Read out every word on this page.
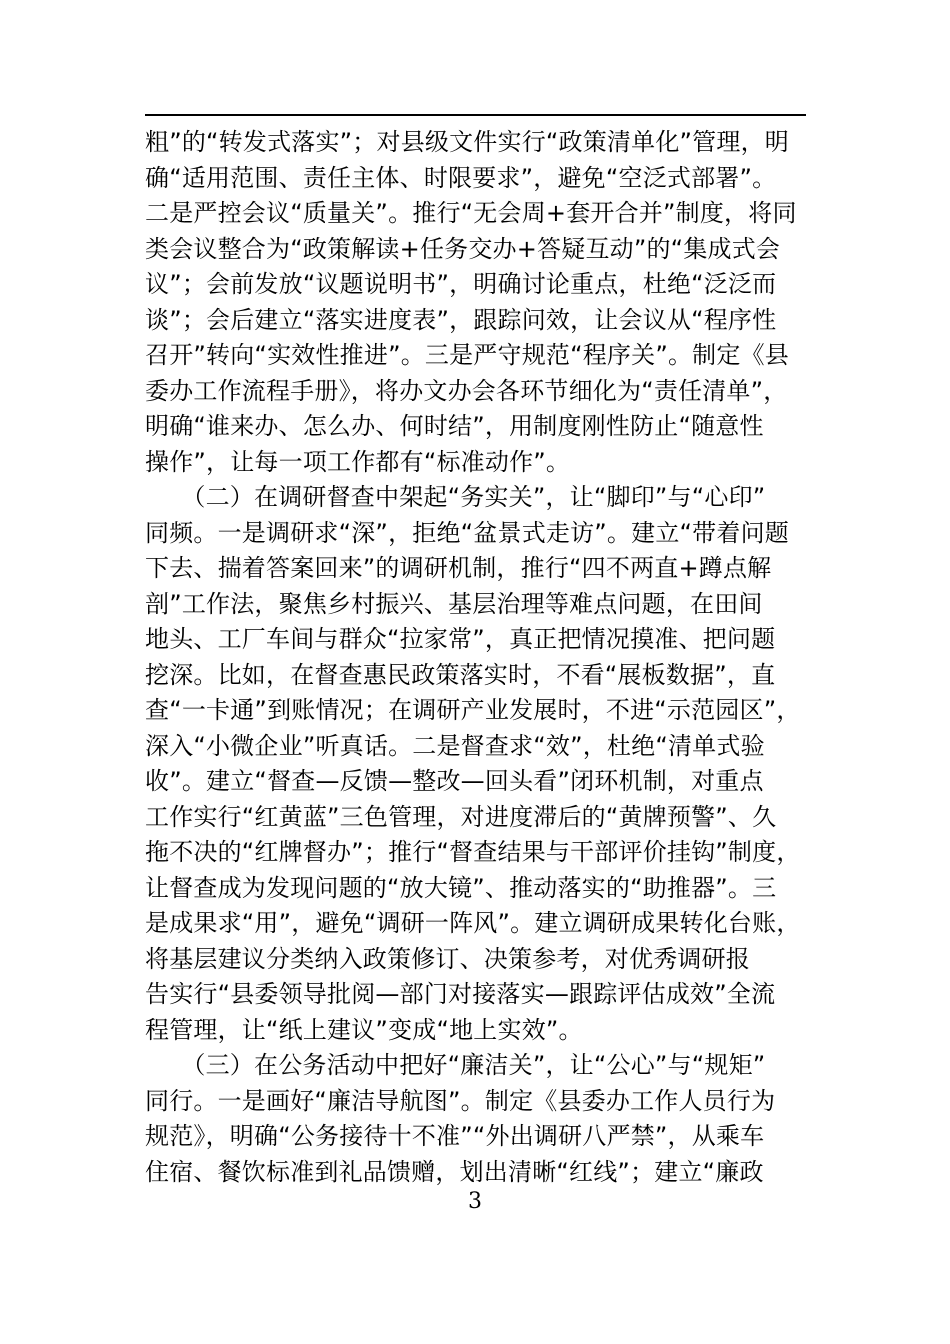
粗”的“转发式落实”；对县级文件实行“政策清单化”管理，明
确“适用范围、责任主体、时限要求”，避免“空泛式部署”。
二是严控会议“质量关”。推行“无会周+套开合并”制度，将同
类会议整合为“政策解读+任务交办+答疑互动”的“集成式会
议”；会前发放“议题说明书”，明确讨论重点，杜绝“泛泛而
谈”；会后建立“落实进度表”，跟踪问效，让会议从“程序性
召开”转向“实效性推进”。三是严守规范“程序关”。制定《县
委办工作流程手册》，将办文办会各环节细化为“责任清单”，
明确“谁来办、怎么办、何时结”，用制度刚性防止“随意性
操作”，让每一项工作都有“标准动作”。
　　（二）在调研督查中架起“务实关”，让“脚印”与“心印”
同频。一是调研求“深”，拒绝“盆景式走访”。建立“带着问题
下去、揣着答案回来”的调研机制，推行“四不两直+蹲点解
剖”工作法，聚焦乡村振兴、基层治理等难点问题，在田间
地头、工厂车间与群众“拉家常”，真正把情况摸准、把问题
挖深。比如，在督查惠民政策落实时，不看“展板数据”，直
查“一卡通”到账情况；在调研产业发展时，不进“示范园区”，
深入“小微企业”听真话。二是督查求“效”，杜绝“清单式验
收”。建立“督查—反馈—整改—回头看”闭环机制，对重点
工作实行“红黄蓝”三色管理，对进度滞后的“黄牌预警”、久
拖不决的“红牌督办”；推行“督查结果与干部评价挂钩”制度，
让督查成为发现问题的“放大镜”、推动落实的“助推器”。三
是成果求“用”，避免“调研一阵风”。建立调研成果转化台账，
将基层建议分类纳入政策修订、决策参考，对优秀调研报
告实行“县委领导批阅—部门对接落实—跟踪评估成效”全流
程管理，让“纸上建议”变成“地上实效”。
　　（三）在公务活动中把好“廉洁关”，让“公心”与“规矩”
同行。一是画好“廉洁导航图”。制定《县委办工作人员行为
规范》，明确“公务接待十不准”“外出调研八严禁”，从乘车
住宿、餐饮标准到礼品馈赠，划出清晰“红线”；建立“廉政
3
